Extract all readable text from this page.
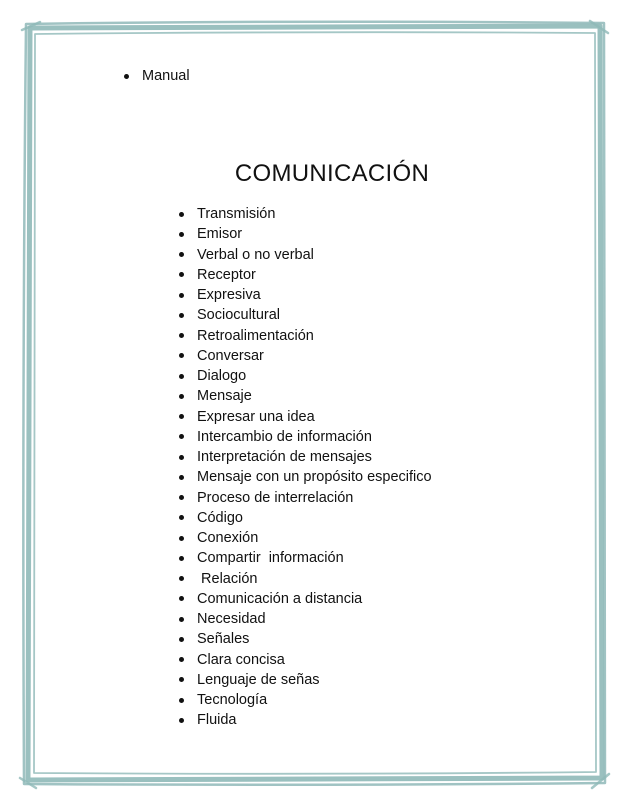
Manual
COMUNICACIÓN
Transmisión
Emisor
Verbal o no verbal
Receptor
Expresiva
Sociocultural
Retroalimentación
Conversar
Dialogo
Mensaje
Expresar una idea
Intercambio de información
Interpretación de mensajes
Mensaje con un propósito especifico
Proceso de interrelación
Código
Conexión
Compartir  información
Relación
Comunicación a distancia
Necesidad
Señales
Clara concisa
Lenguaje de señas
Tecnología
Fluida
